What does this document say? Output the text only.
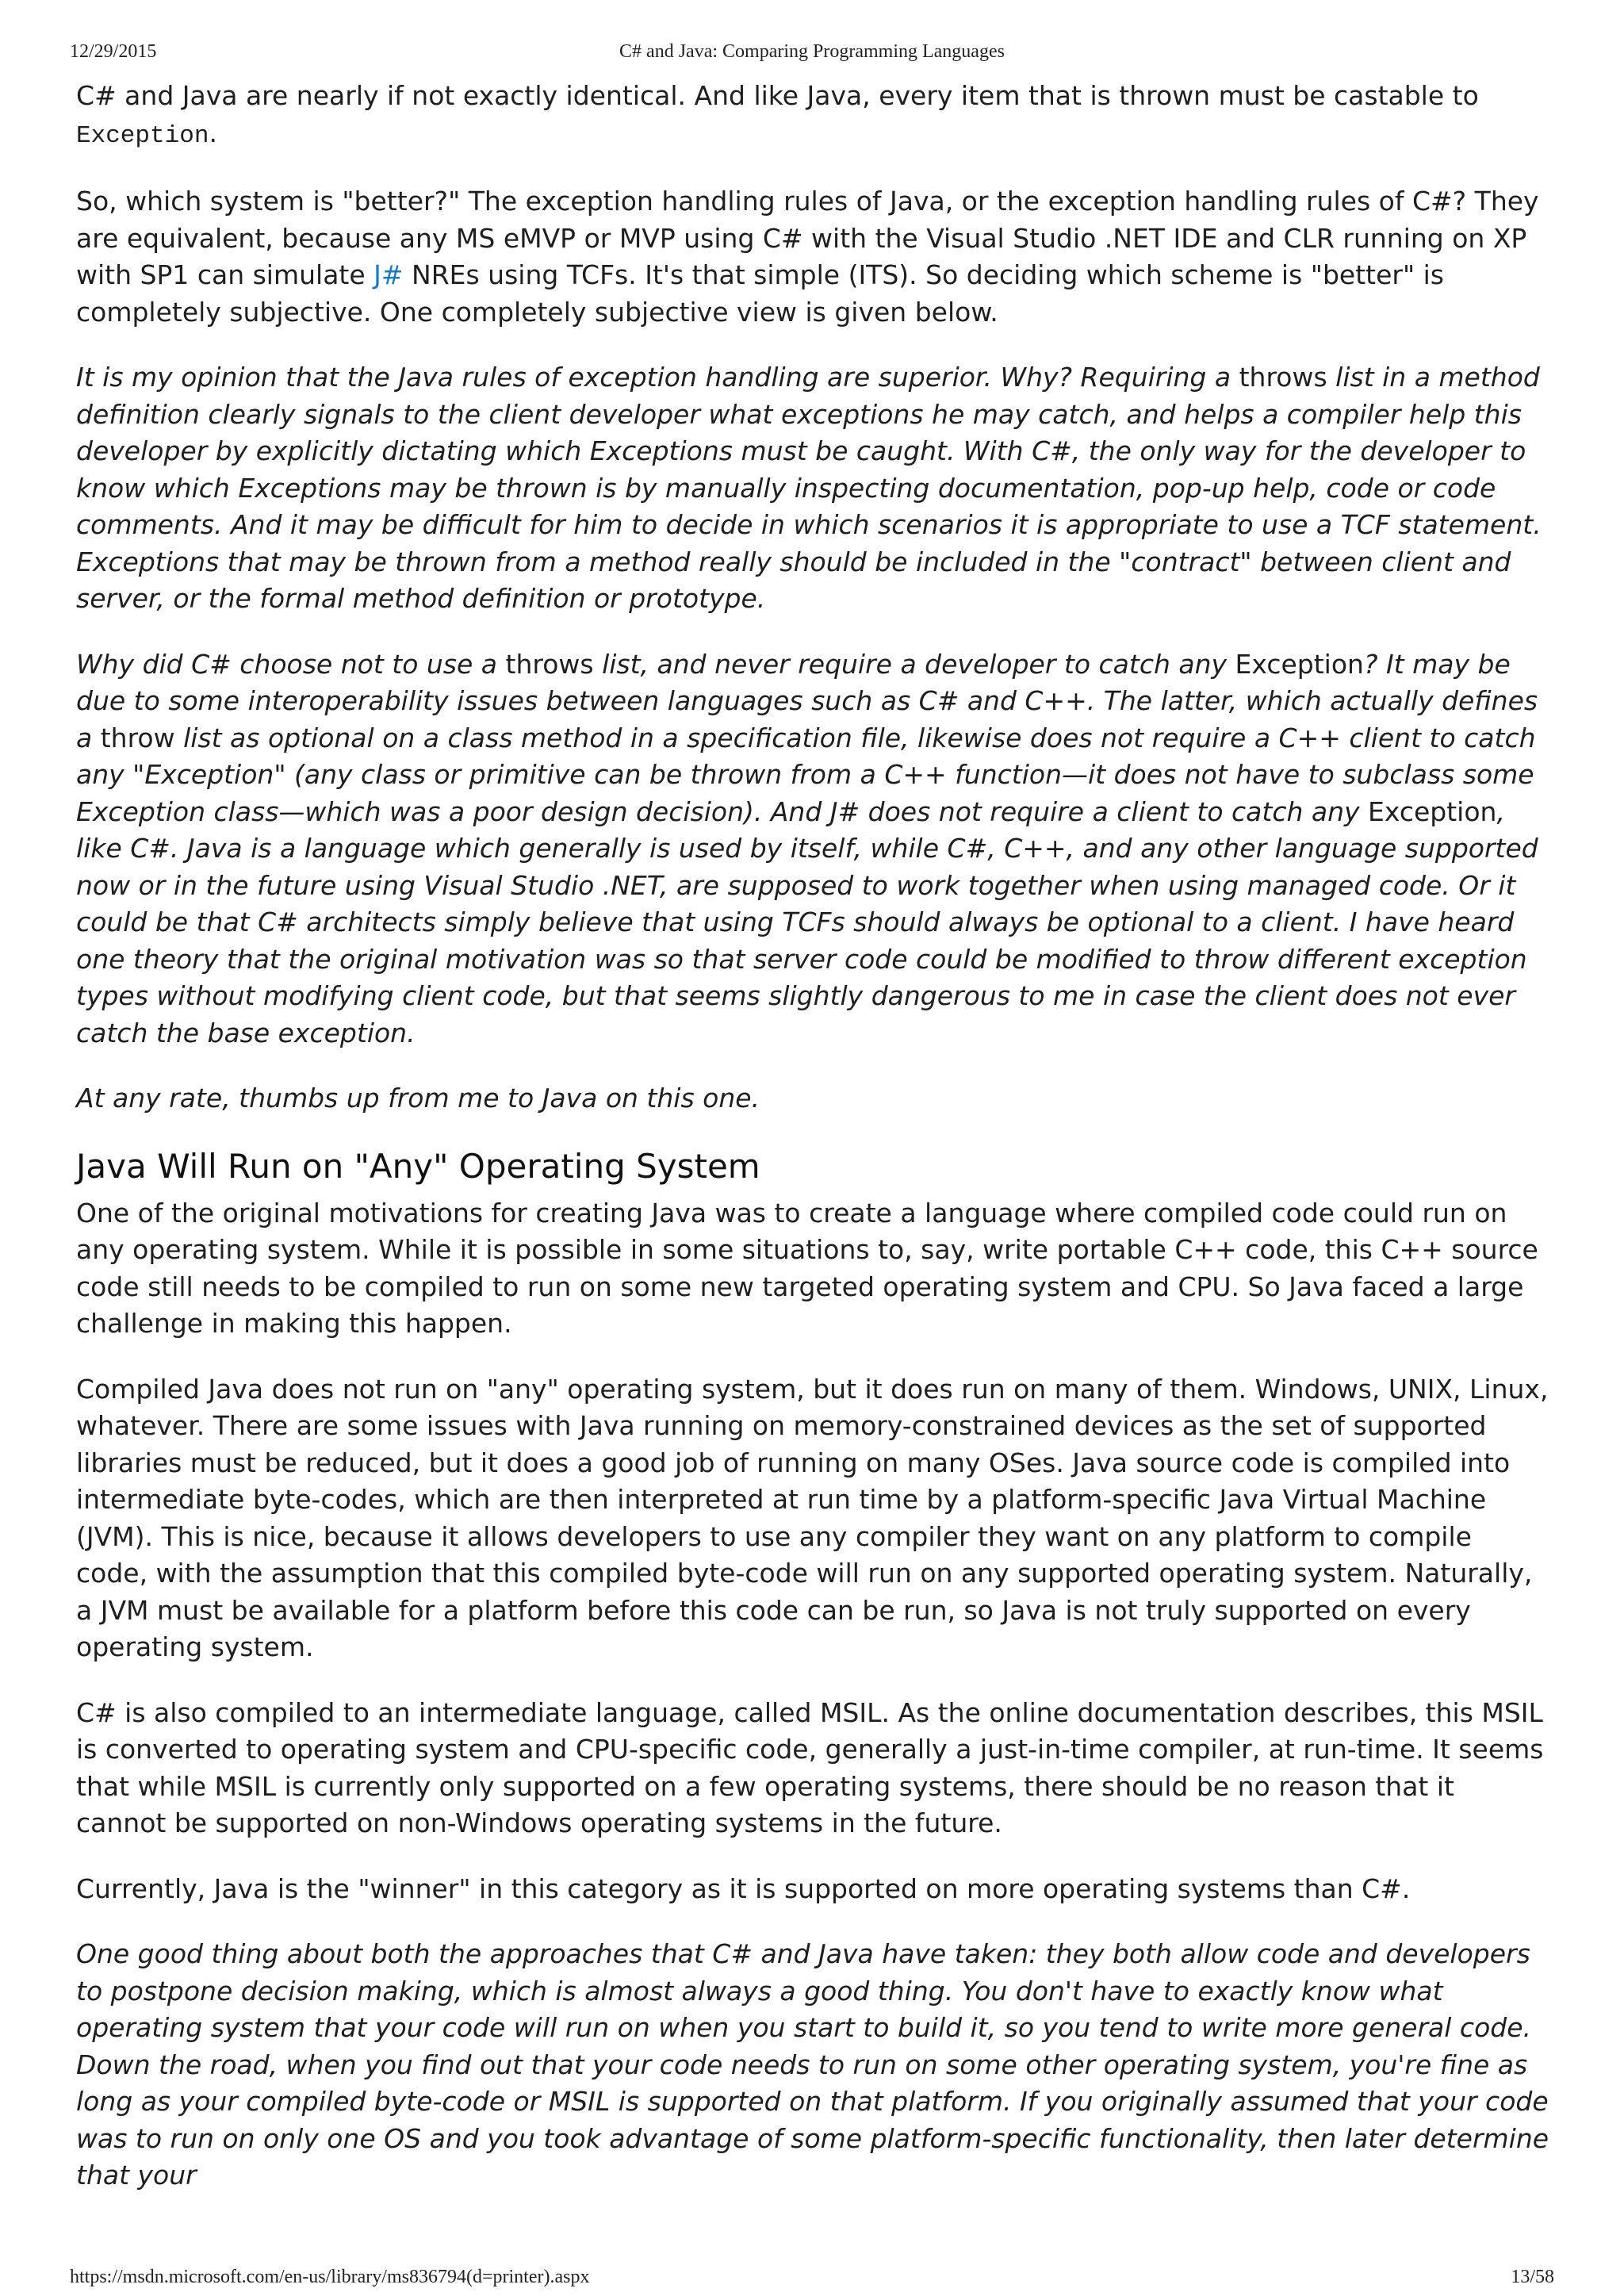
12/29/2015	C# and Java: Comparing Programming Languages

C# and Java are nearly if not exactly identical. And like Java, every item that is thrown must be castable to Exception.

So, which system is "better?" The exception handling rules of Java, or the exception handling rules of C#? They are equivalent, because any MS eMVP or MVP using C# with the Visual Studio .NET IDE and CLR running on XP with SP1 can simulate J# NREs using TCFs. It's that simple (ITS). So deciding which scheme is "better" is completely subjective. One completely subjective view is given below.

It is my opinion that the Java rules of exception handling are superior. Why? Requiring a throws list in a method definition clearly signals to the client developer what exceptions he may catch, and helps a compiler help this developer by explicitly dictating which Exceptions must be caught. With C#, the only way for the developer to know which Exceptions may be thrown is by manually inspecting documentation, pop-up help, code or code comments. And it may be difficult for him to decide in which scenarios it is appropriate to use a TCF statement. Exceptions that may be thrown from a method really should be included in the "contract" between client and server, or the formal method definition or prototype.

Why did C# choose not to use a throws list, and never require a developer to catch any Exception? It may be due to some interoperability issues between languages such as C# and C++. The latter, which actually defines a throw list as optional on a class method in a specification file, likewise does not require a C++ client to catch any "Exception" (any class or primitive can be thrown from a C++ function—it does not have to subclass some Exception class—which was a poor design decision). And J# does not require a client to catch any Exception, like C#. Java is a language which generally is used by itself, while C#, C++, and any other language supported now or in the future using Visual Studio .NET, are supposed to work together when using managed code. Or it could be that C# architects simply believe that using TCFs should always be optional to a client. I have heard one theory that the original motivation was so that server code could be modified to throw different exception types without modifying client code, but that seems slightly dangerous to me in case the client does not ever catch the base exception.

At any rate, thumbs up from me to Java on this one.

Java Will Run on "Any" Operating System

One of the original motivations for creating Java was to create a language where compiled code could run on any operating system. While it is possible in some situations to, say, write portable C++ code, this C++ source code still needs to be compiled to run on some new targeted operating system and CPU. So Java faced a large challenge in making this happen.

Compiled Java does not run on "any" operating system, but it does run on many of them. Windows, UNIX, Linux, whatever. There are some issues with Java running on memory-constrained devices as the set of supported libraries must be reduced, but it does a good job of running on many OSes. Java source code is compiled into intermediate byte-codes, which are then interpreted at run time by a platform-specific Java Virtual Machine (JVM). This is nice, because it allows developers to use any compiler they want on any platform to compile code, with the assumption that this compiled byte-code will run on any supported operating system. Naturally, a JVM must be available for a platform before this code can be run, so Java is not truly supported on every operating system.

C# is also compiled to an intermediate language, called MSIL. As the online documentation describes, this MSIL is converted to operating system and CPU-specific code, generally a just-in-time compiler, at run-time. It seems that while MSIL is currently only supported on a few operating systems, there should be no reason that it cannot be supported on non-Windows operating systems in the future.

Currently, Java is the "winner" in this category as it is supported on more operating systems than C#.

One good thing about both the approaches that C# and Java have taken: they both allow code and developers to postpone decision making, which is almost always a good thing. You don't have to exactly know what operating system that your code will run on when you start to build it, so you tend to write more general code. Down the road, when you find out that your code needs to run on some other operating system, you're fine as long as your compiled byte-code or MSIL is supported on that platform. If you originally assumed that your code was to run on only one OS and you took advantage of some platform-specific functionality, then later determine that your

https://msdn.microsoft.com/en-us/library/ms836794(d=printer).aspx	13/58
